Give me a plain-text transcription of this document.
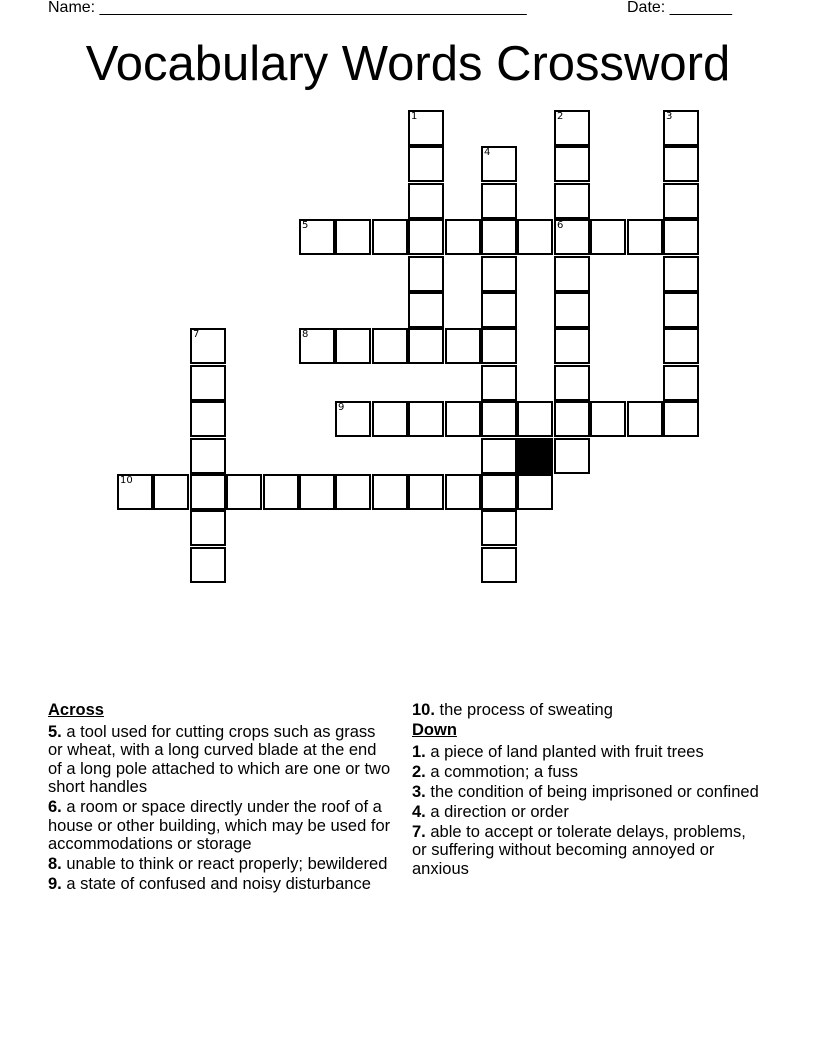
Name: ________________________________________________	Date: _______
Vocabulary Words Crossword
1	2
6
3
4
5
7	8
9
10
Across
5. a tool used for cutting crops such as grass or wheat, with a long curved blade at the end of a long pole attached to which are one or two short handles
6. a room or space directly under the roof of a house or other building, which may be used for accommodations or storage
8. unable to think or react properly; bewildered
9. a state of confused and noisy disturbance
10. the process of sweating
Down
1. a piece of land planted with fruit trees
2. a commotion; a fuss
3. the condition of being imprisoned or confined
4. a direction or order
7. able to accept or tolerate delays, problems, or suffering without becoming annoyed or anxious
